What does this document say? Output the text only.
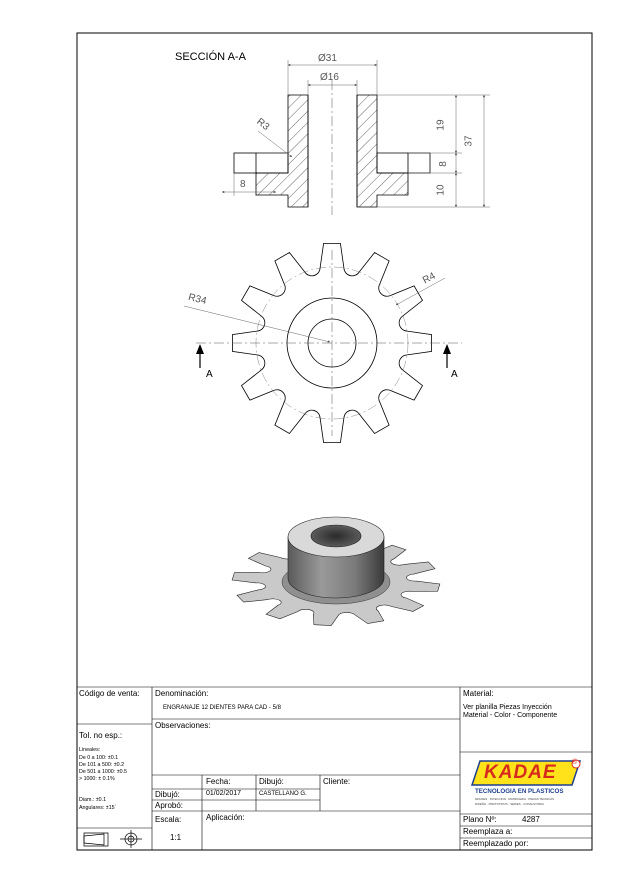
SECCIÓN A-A	Ø31
Ø16
R3	19
37
8
10
8
R34
R4
A	A
Código de venta: Denominación:
ENGRANAJE 12 DIENTES PARA CAD - 5/8
Material:
Ver planilla Piezas Inyección
Material - Color - Componente
Tol. no esp.:
Lineales:
De 0 a 100: ±0.1
De 101 a 500: ±0.2
De 501 a 1000: ±0.5
> 1000: ± 0.1%
Diam.: ±0.1
Angulares: ±15´
Observaciones:
Fecha:	Dibujó:	Cliente:
Dibujó:	01/02/2017	CASTELLANO G.
Aprobó:
Escala:
1:1
Aplicación:	Plano Nº:	4287
Reemplaza a:
Reemplazado por:
KADAE ®
TECNOLOGIA EN PLASTICOS
MOLDES · INYECCION · MATRICERIA · PIEZAS TECNICAS
DISEÑO · PROTOTIPOS · SERIES · CONSULTORIA
